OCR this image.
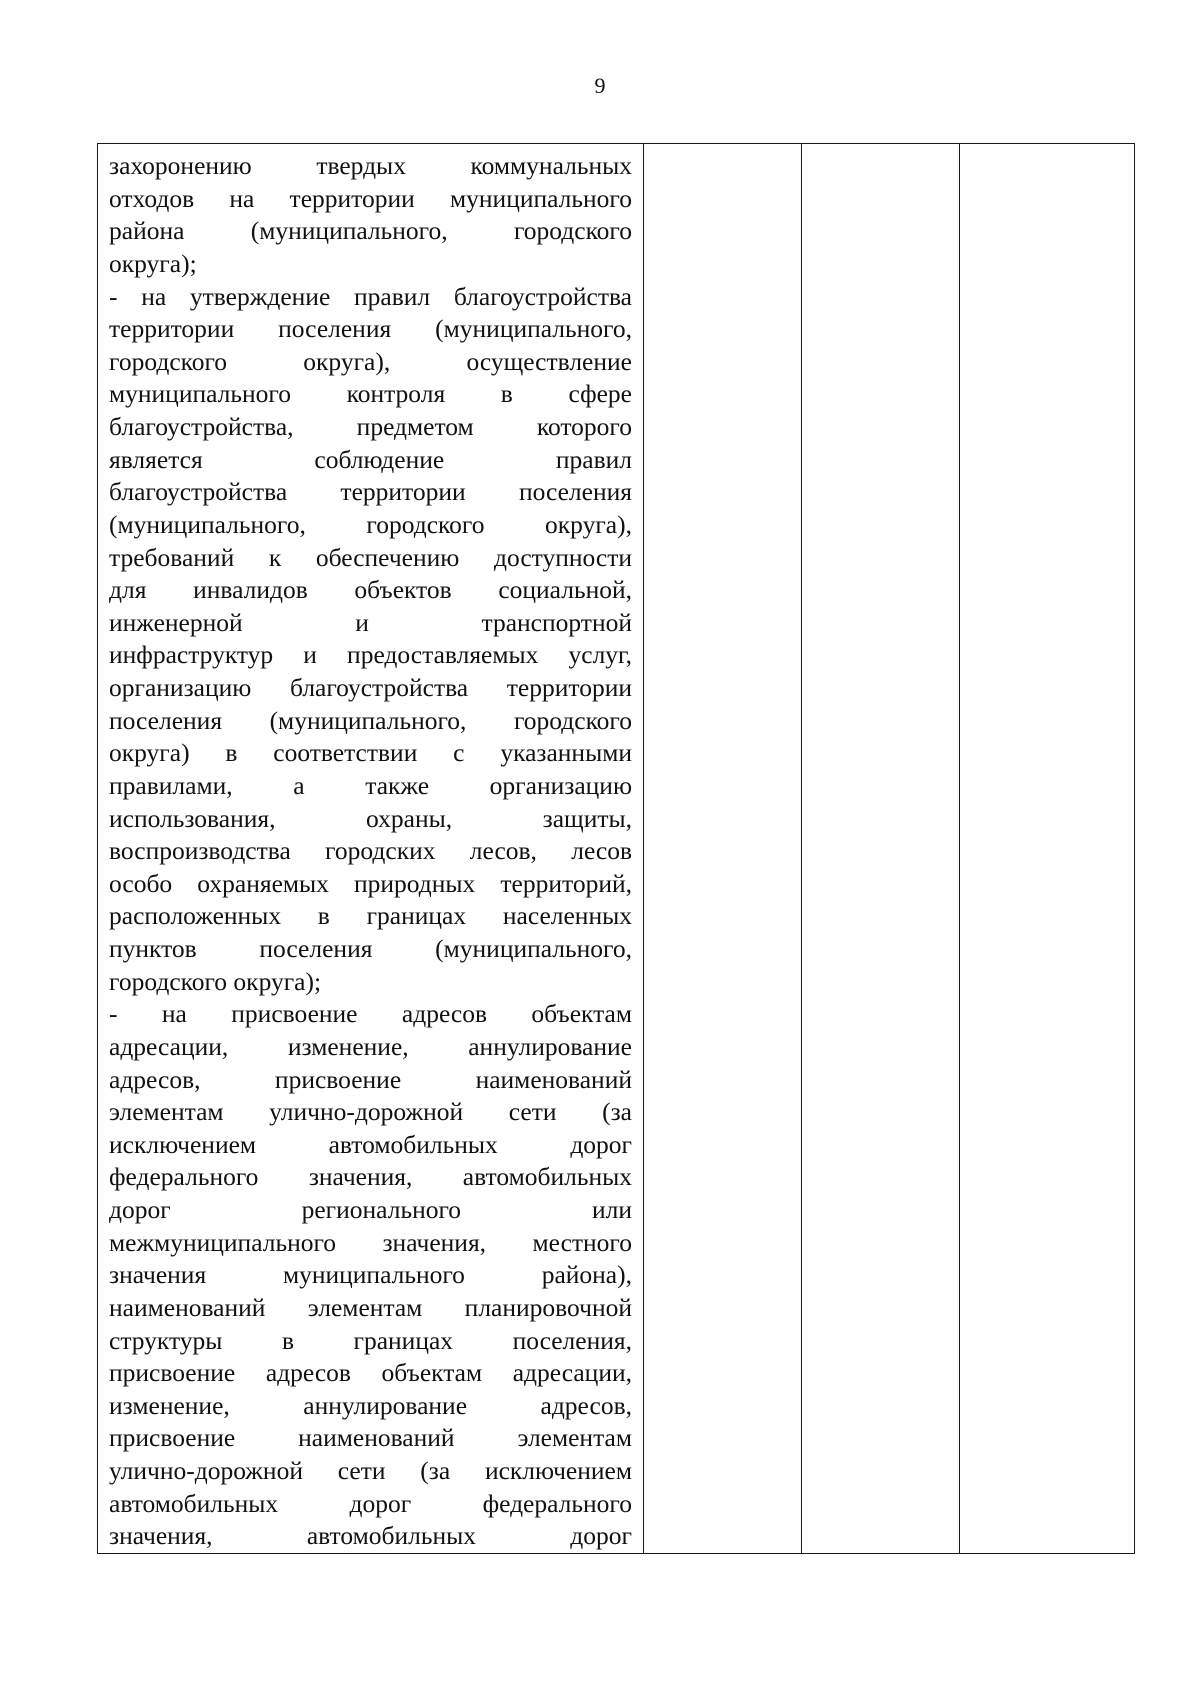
9
захоронению твердых коммунальных
отходов на территории муниципального
района (муниципального, городского
округа);
- на утверждение правил благоустройства
территории поселения (муниципального,
городского округа), осуществление
муниципального контроля в сфере
благоустройства, предметом которого
является соблюдение правил
благоустройства территории поселения
(муниципального, городского округа),
требований к обеспечению доступности
для инвалидов объектов социальной,
инженерной и транспортной
инфраструктур и предоставляемых услуг,
организацию благоустройства территории
поселения (муниципального, городского
округа) в соответствии с указанными
правилами, а также организацию
использования, охраны, защиты,
воспроизводства городских лесов, лесов
особо охраняемых природных территорий,
расположенных в границах населенных
пунктов поселения (муниципального,
городского округа);
- на присвоение адресов объектам
адресации, изменение, аннулирование
адресов, присвоение наименований
элементам улично-дорожной сети (за
исключением автомобильных дорог
федерального значения, автомобильных
дорог регионального или
межмуниципального значения, местного
значения муниципального района),
наименований элементам планировочной
структуры в границах поселения,
присвоение адресов объектам адресации,
изменение, аннулирование адресов,
присвоение наименований элементам
улично-дорожной сети (за исключением
автомобильных дорог федерального
значения, автомобильных дорог
